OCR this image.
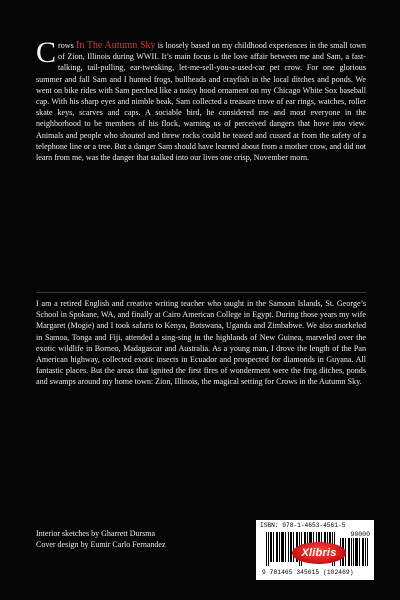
Crows In The Autumn Sky is loosely based on my childhood experiences in the small town of Zion, Illinois during WWII. It’s main focus is the love affair between me and Sam, a fast-talking, tail-pulling, ear-tweaking, let-me-sell-you-a-used-car pet crow. For one glorious summer and fall Sam and I hunted frogs, bullheads and crayfish in the local ditches and ponds. We went on bike rides with Sam perched like a noisy hood ornament on my Chicago White Sox baseball cap. With his sharp eyes and nimble beak, Sam collected a treasure trove of ear rings, watches, roller skate keys, scarves and caps. A sociable bird, he considered me and most everyone in the neighborhood to be members of his flock, warning us of perceived dangers that hove into view. Animals and people who shouted and threw rocks could be teased and cussed at from the safety of a telephone line or a tree. But a danger Sam should have learned about from a mother crow, and did not learn from me, was the danger that stalked into our lives one crisp, November morn.
I am a retired English and creative writing teacher who taught in the Samoan Islands, St. George’s School in Spokane, WA, and finally at Cairo American College in Egypt. During those years my wife Margaret (Mogie) and I took safaris to Kenya, Botswana, Uganda and Zimbabwe. We also snorkeled in Samoa, Tonga and Fiji, attended a sing-sing in the highlands of New Guinea, marveled over the exotic wildlife in Borneo, Madagascar and Australia. As a young man, I drove the length of the Pan American highway, collected exotic insects in Ecuador and prospected for diamonds in Guyana. All fantastic places. But the areas that ignited the first fires of wonderment were the frog ditches, ponds and swamps around my home town: Zion, Illinois, the magical setting for Crows in the Autumn Sky.
Interior sketches by Gharrett Dursma
Cover design by Eumir Carlo Fernandez
ISBN: 978-1-4653-4561-5
90000
9 781465 345615 (102469)
Xlibris
